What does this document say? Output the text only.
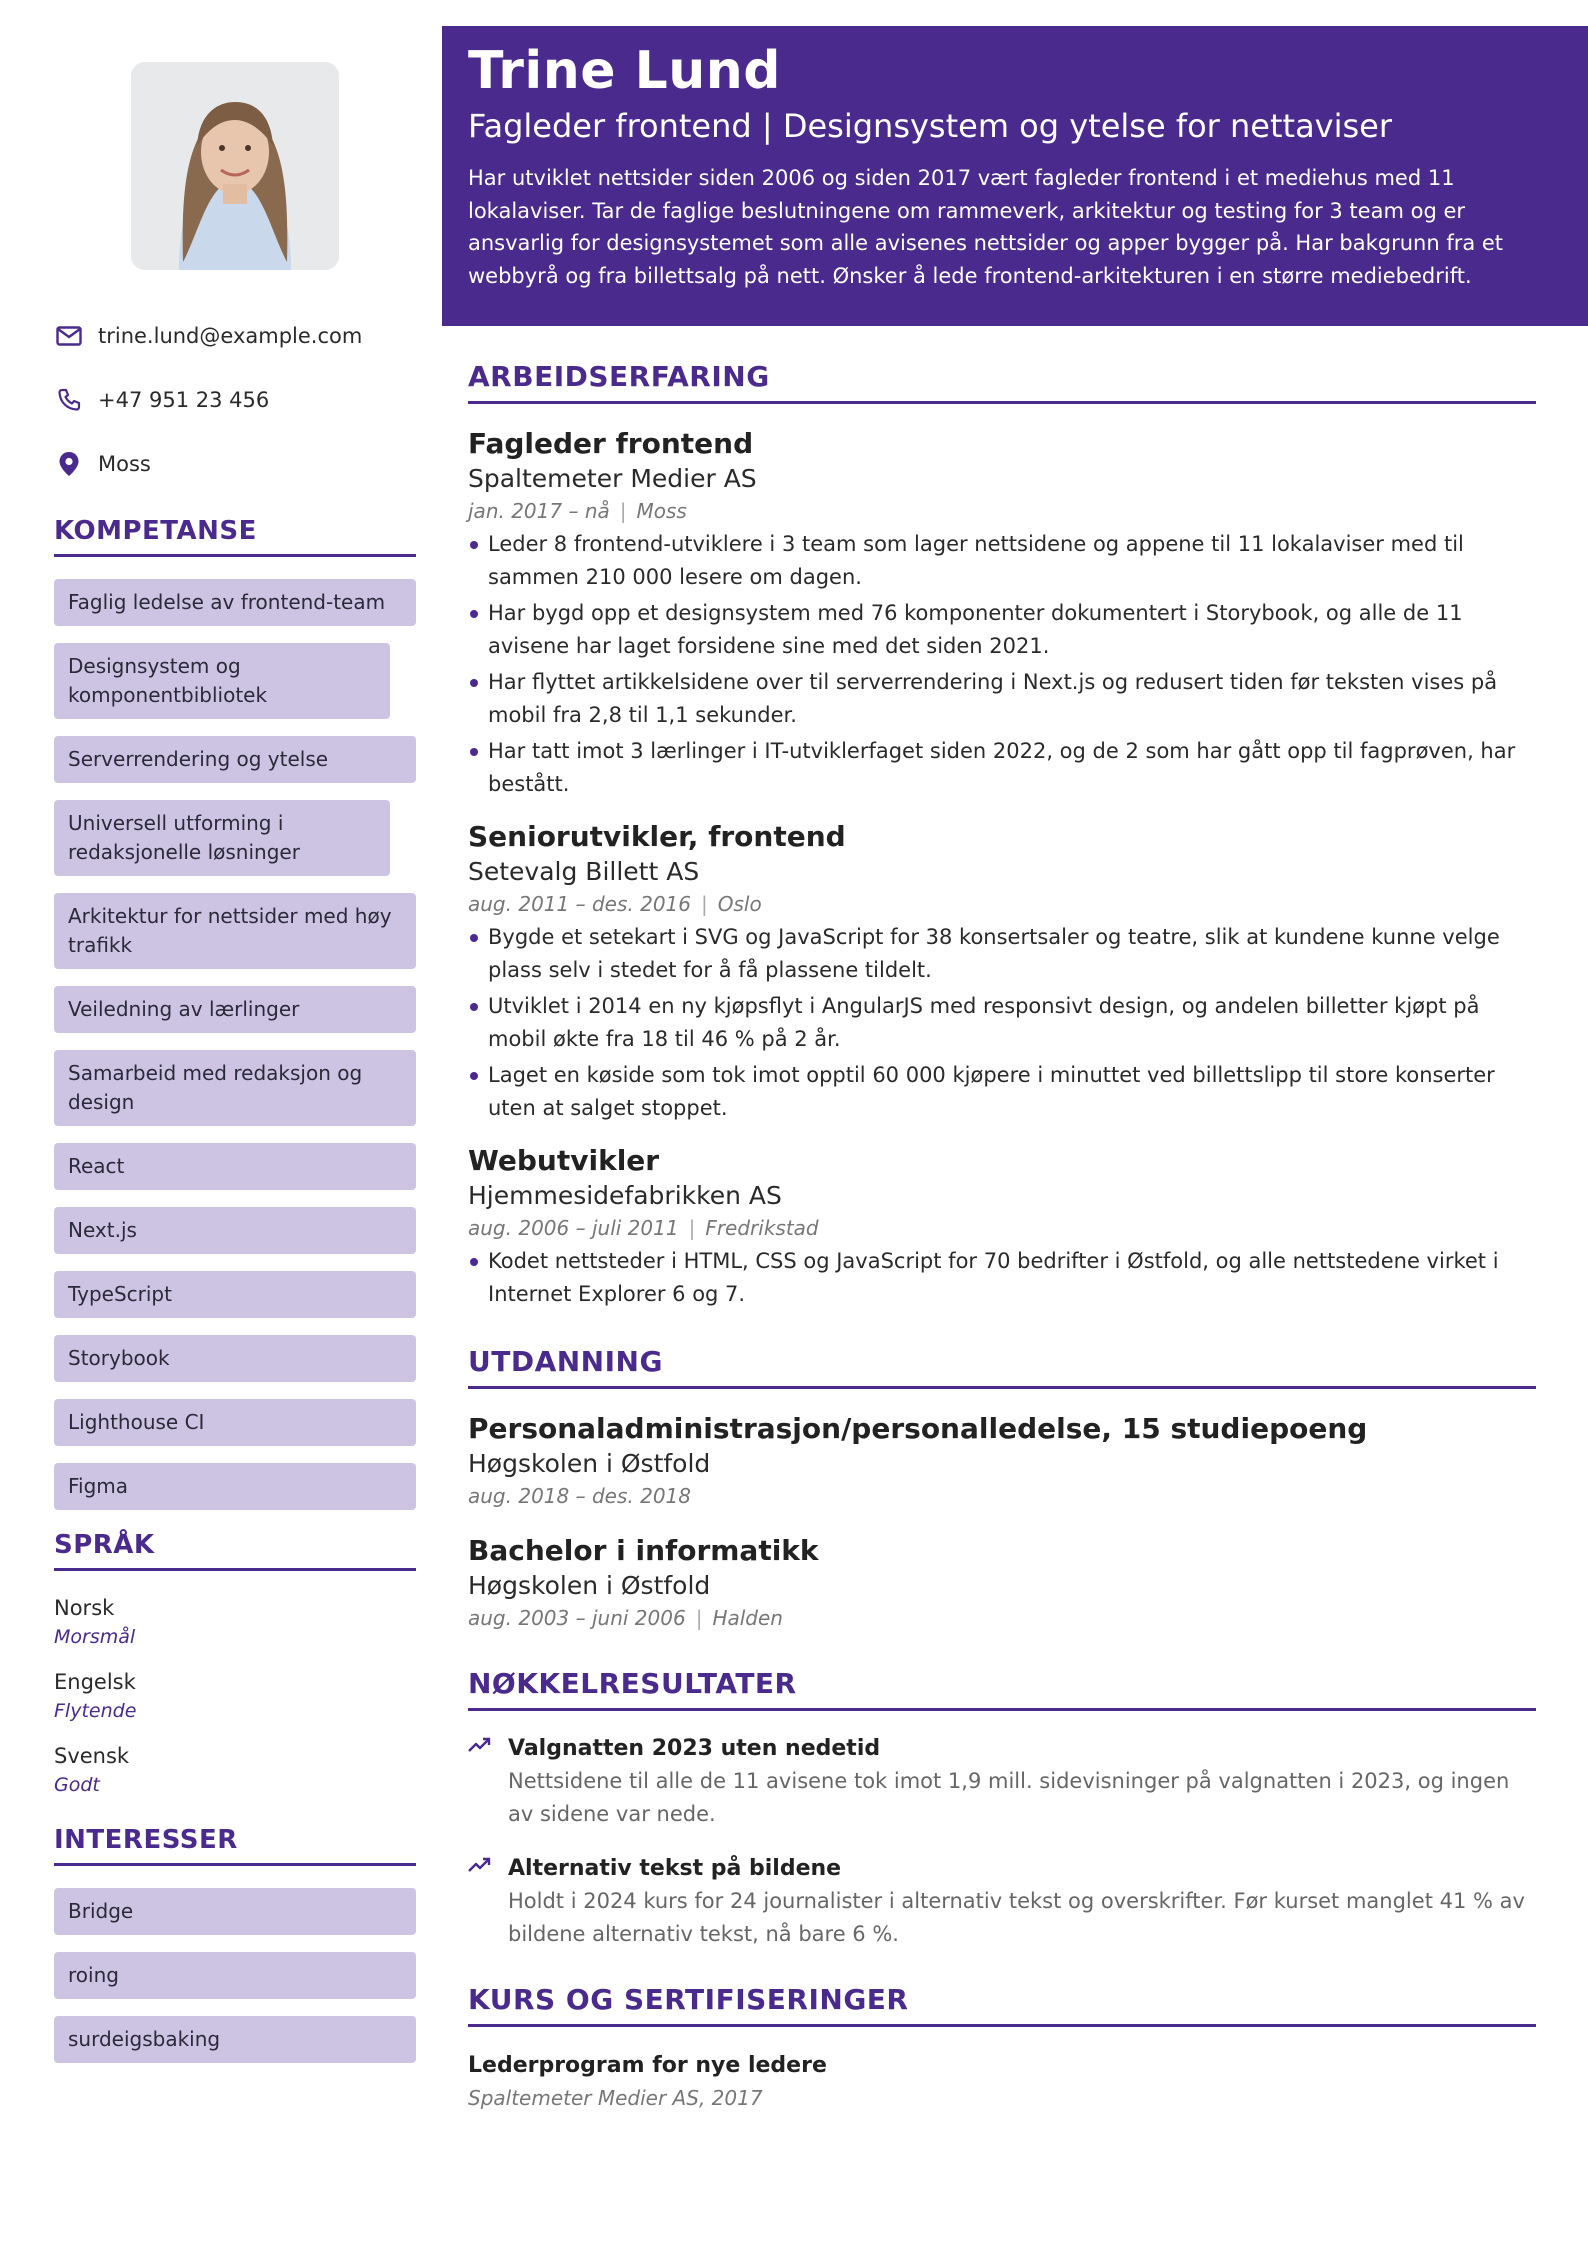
trine.lund@example.com
+47 951 23 456
Moss
KOMPETANSE
Faglig ledelse av frontend-team
Designsystem og komponentbibliotek
Serverrendering og ytelse
Universell utforming i redaksjonelle løsninger
Arkitektur for nettsider med høy trafikk
Veiledning av lærlinger
Samarbeid med redaksjon og design
React
Next.js
TypeScript
Storybook
Lighthouse CI
Figma
SPRÅK
Norsk
Morsmål
Engelsk
Flytende
Svensk
Godt
INTERESSER
Bridge
roing
surdeigsbaking
Trine Lund
Fagleder frontend | Designsystem og ytelse for nettaviser
Har utviklet nettsider siden 2006 og siden 2017 vært fagleder frontend i et mediehus med 11 lokalaviser. Tar de faglige beslutningene om rammeverk, arkitektur og testing for 3 team og er ansvarlig for designsystemet som alle avisenes nettsider og apper bygger på. Har bakgrunn fra et webbyrå og fra billettsalg på nett. Ønsker å lede frontend-arkitekturen i en større mediebedrift.
ARBEIDSERFARING
Fagleder frontend
Spaltemeter Medier AS
jan. 2017 – nå | Moss
Leder 8 frontend-utviklere i 3 team som lager nettsidene og appene til 11 lokalaviser med til sammen 210 000 lesere om dagen.
Har bygd opp et designsystem med 76 komponenter dokumentert i Storybook, og alle de 11 avisene har laget forsidene sine med det siden 2021.
Har flyttet artikkelsidene over til serverrendering i Next.js og redusert tiden før teksten vises på mobil fra 2,8 til 1,1 sekunder.
Har tatt imot 3 lærlinger i IT-utviklerfaget siden 2022, og de 2 som har gått opp til fagprøven, har bestått.
Seniorutvikler, frontend
Setevalg Billett AS
aug. 2011 – des. 2016 | Oslo
Bygde et setekart i SVG og JavaScript for 38 konsertsaler og teatre, slik at kundene kunne velge plass selv i stedet for å få plassene tildelt.
Utviklet i 2014 en ny kjøpsflyt i AngularJS med responsivt design, og andelen billetter kjøpt på mobil økte fra 18 til 46 % på 2 år.
Laget en køside som tok imot opptil 60 000 kjøpere i minuttet ved billettslipp til store konserter uten at salget stoppet.
Webutvikler
Hjemmesidefabrikken AS
aug. 2006 – juli 2011 | Fredrikstad
Kodet nettsteder i HTML, CSS og JavaScript for 70 bedrifter i Østfold, og alle nettstedene virket i Internet Explorer 6 og 7.
UTDANNING
Personaladministrasjon/personalledelse, 15 studiepoeng
Høgskolen i Østfold
aug. 2018 – des. 2018
Bachelor i informatikk
Høgskolen i Østfold
aug. 2003 – juni 2006 | Halden
NØKKELRESULTATER
Valgnatten 2023 uten nedetid
Nettsidene til alle de 11 avisene tok imot 1,9 mill. sidevisninger på valgnatten i 2023, og ingen av sidene var nede.
Alternativ tekst på bildene
Holdt i 2024 kurs for 24 journalister i alternativ tekst og overskrifter. Før kurset manglet 41 % av bildene alternativ tekst, nå bare 6 %.
KURS OG SERTIFISERINGER
Lederprogram for nye ledere
Spaltemeter Medier AS, 2017
